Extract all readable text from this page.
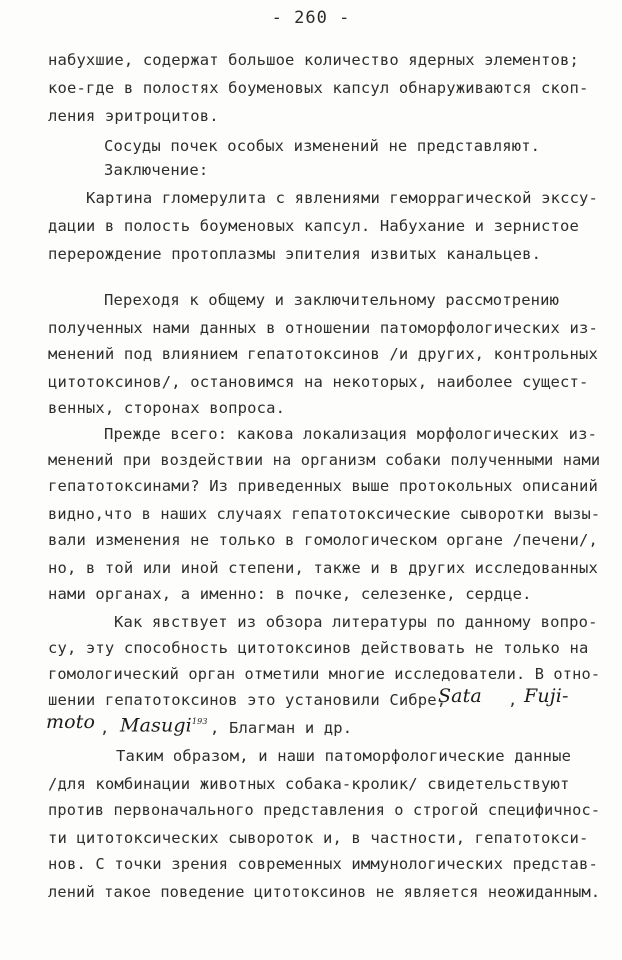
- 260 -
набухшие, содержат большое количество ядерных элементов;
кое-где в полостях боуменовых капсул обнаруживаются скоп-
ления эритроцитов.
Сосуды почек особых изменений не представляют.
Заключение:
Картина гломерулита с явлениями геморрагической экссу-
дации в полость боуменовых капсул. Набухание и зернистое
перерождение протоплазмы эпителия извитых канальцев.
Переходя к общему и заключительному рассмотрению
полученных нами данных в отношении патоморфологических из-
менений под влиянием гепатотоксинов /и других, контрольных
цитотоксинов/, остановимся на некоторых, наиболее сущест-
венных, сторонах вопроса.
Прежде всего: какова локализация морфологических из-
менений при воздействии на организм собаки полученными нами
гепатотоксинами? Из приведенных выше протокольных описаний
видно,что в наших случаях гепатотоксические сыворотки вызы-
вали изменения не только в гомологическом органе /печени/,
но, в той или иной степени, также и в других исследованных
нами органах, а именно: в почке, селезенке, сердце.
Как явствует из обзора литературы по данному вопро-
су, эту способность цитотоксинов действовать не только на
гомологический орган отметили многие исследователи. В отно-
шении гепатотоксинов это установили Сибре,
Sata , Fuji-
moto , Masugi$^{193}$ , Благман и др.
Таким образом, и наши патоморфологические данные
/для комбинации животных собака-кролик/ свидетельствуют
против первоначального представления о строгой специфичнос-
ти цитотоксических сывороток и, в частности, гепатотокси-
нов. С точки зрения современных иммунологических представ-
лений такое поведение цитотоксинов не является неожиданным.
